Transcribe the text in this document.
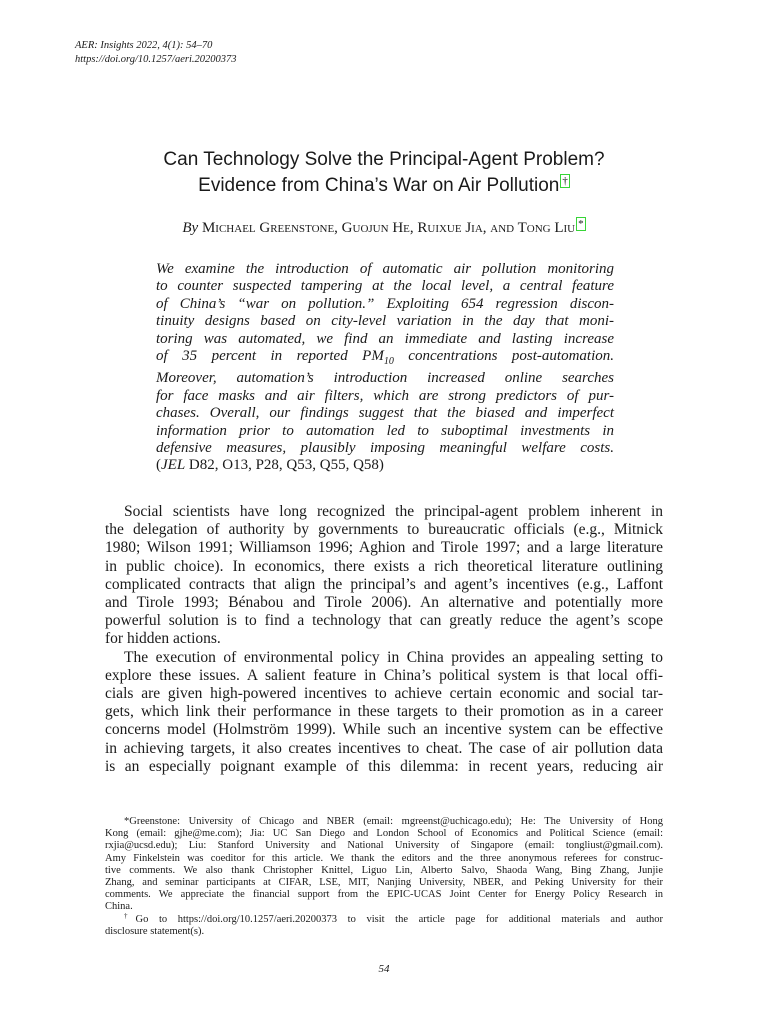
AER: Insights 2022, 4(1): 54–70
https://doi.org/10.1257/aeri.20200373
Can Technology Solve the Principal-Agent Problem?
Evidence from China’s War on Air Pollution †
By Michael Greenstone, Guojun He, Ruixue Jia, and Tong Liu *
We examine the introduction of automatic air pollution monitoring
to counter suspected tampering at the local level, a central feature
of China’s “war on pollution.” Exploiting 654 regression discon-
tinuity designs based on city-level variation in the day that moni-
toring was automated, we find an immediate and lasting increase
of 35 percent in reported $PM_{10}$ concentrations post-automation.
Moreover, automation’s introduction increased online searches
for face masks and air filters, which are strong predictors of pur-
chases. Overall, our findings suggest that the biased and imperfect
information prior to automation led to suboptimal investments in
defensive measures, plausibly imposing meaningful welfare costs.
(JEL D82, O13, P28, Q53, Q55, Q58)
Social scientists have long recognized the principal-agent problem inherent in
the delegation of authority by governments to bureaucratic officials (e.g., Mitnick
1980; Wilson 1991; Williamson 1996; Aghion and Tirole 1997; and a large literature
in public choice). In economics, there exists a rich theoretical literature outlining
complicated contracts that align the principal’s and agent’s incentives (e.g., Laffont
and Tirole 1993; Bénabou and Tirole 2006). An alternative and potentially more
powerful solution is to find a technology that can greatly reduce the agent’s scope
for hidden actions.
The execution of environmental policy in China provides an appealing setting to
explore these issues. A salient feature in China’s political system is that local offi-
cials are given high-powered incentives to achieve certain economic and social tar-
gets, which link their performance in these targets to their promotion as in a career
concerns model (Holmström 1999). While such an incentive system can be effective
in achieving targets, it also creates incentives to cheat. The case of air pollution data
is an especially poignant example of this dilemma: in recent years, reducing air
*Greenstone: University of Chicago and NBER (email: mgreenst@uchicago.edu); He: The University of Hong
Kong (email: gjhe@me.com); Jia: UC San Diego and London School of Economics and Political Science (email:
rxjia@ucsd.edu); Liu: Stanford University and National University of Singapore (email: tongliust@gmail.com).
Amy Finkelstein was coeditor for this article. We thank the editors and the three anonymous referees for construc-
tive comments. We also thank Christopher Knittel, Liguo Lin, Alberto Salvo, Shaoda Wang, Bing Zhang, Junjie
Zhang, and seminar participants at CIFAR, LSE, MIT, Nanjing University, NBER, and Peking University for their
comments. We appreciate the financial support from the EPIC-UCAS Joint Center for Energy Policy Research in
China.
†Go to https://doi.org/10.1257/aeri.20200373 to visit the article page for additional materials and author
disclosure statement(s).
54
